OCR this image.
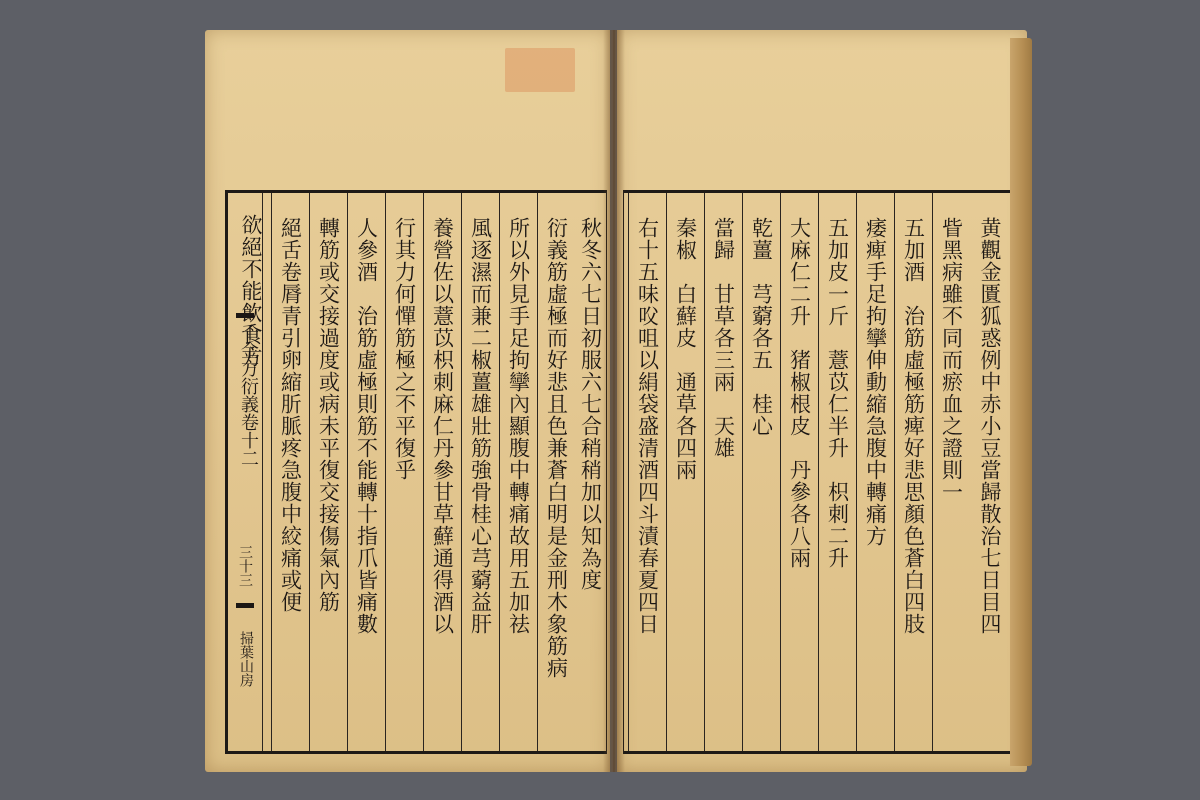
秋冬六七日初服六七合稍稍加以知為度
衍義筋虛極而好悲且色兼蒼白明是金刑木象筋病
所以外見手足拘攣內顯腹中轉痛故用五加祛
風逐濕而兼二椒薑雄壯筋強骨桂心芎藭益肝
養營佐以薏苡枳刺麻仁丹參甘草蘚通得酒以
行其力何憚筋極之不平復乎
人參酒　治筋虛極則筋不能轉十指爪皆痛數
轉筋或交接過度或病未平復交接傷氣內筋
絕舌卷脣青引卵縮肵脈疼急腹中絞痛或便
千金方衍義卷十二
三十三
掃葉山房
黄觀金匱狐惑例中赤小豆當歸散治七日目四
眥黑病雖不同而瘀血之證則一
五加酒　治筋虛極筋痺好悲思顏色蒼白四肢
痿痺手足拘攣伸動縮急腹中轉痛方
五加皮一斤　薏苡仁半升　枳刺二升
大麻仁二升　猪椒根皮　丹參各八兩
乾薑　芎藭各五　桂心
當歸　甘草各三兩　天雄
秦椒　白蘚皮　通草各四兩
右十五味㕮咀以絹袋盛清酒四斗漬春夏四日
欲絕不能飲食方
